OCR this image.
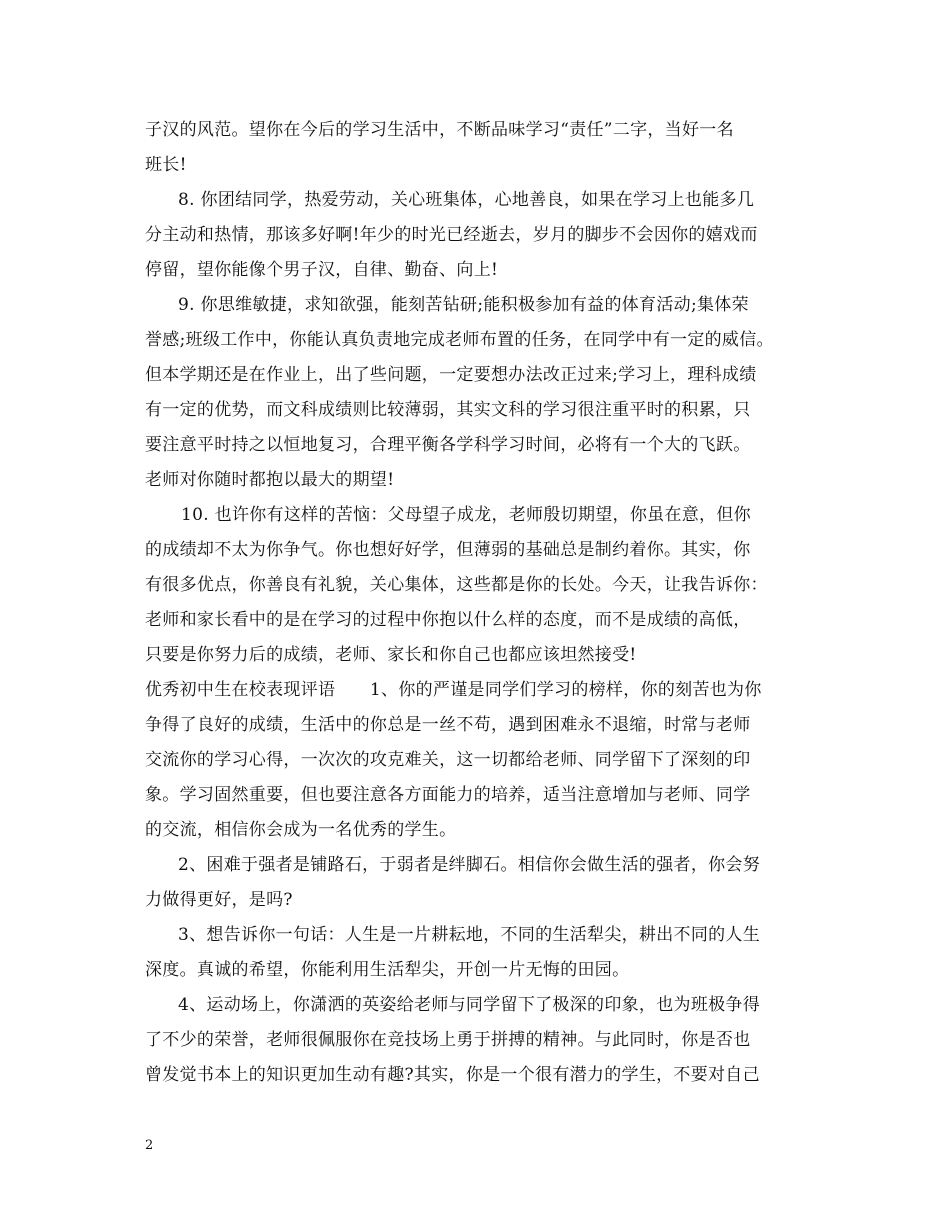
子汉的风范。望你在今后的学习生活中，不断品味学习“责任”二字，当好一名
班长!
8. 你团结同学，热爱劳动，关心班集体，心地善良，如果在学习上也能多几
分主动和热情，那该多好啊!年少的时光已经逝去，岁月的脚步不会因你的嬉戏而
停留，望你能像个男子汉，自律、勤奋、向上!
9. 你思维敏捷，求知欲强，能刻苦钻研;能积极参加有益的体育活动;集体荣
誉感;班级工作中，你能认真负责地完成老师布置的任务，在同学中有一定的威信。
但本学期还是在作业上，出了些问题，一定要想办法改正过来;学习上，理科成绩
有一定的优势，而文科成绩则比较薄弱，其实文科的学习很注重平时的积累，只
要注意平时持之以恒地复习，合理平衡各学科学习时间，必将有一个大的飞跃。
老师对你随时都抱以最大的期望!
10. 也许你有这样的苦恼：父母望子成龙，老师殷切期望，你虽在意，但你
的成绩却不太为你争气。你也想好好学，但薄弱的基础总是制约着你。其实，你
有很多优点，你善良有礼貌，关心集体，这些都是你的长处。今天，让我告诉你：
老师和家长看中的是在学习的过程中你抱以什么样的态度，而不是成绩的高低，
只要是你努力后的成绩，老师、家长和你自己也都应该坦然接受!
优秀初中生在校表现评语　　1、你的严谨是同学们学习的榜样，你的刻苦也为你
争得了良好的成绩，生活中的你总是一丝不苟，遇到困难永不退缩，时常与老师
交流你的学习心得，一次次的攻克难关，这一切都给老师、同学留下了深刻的印
象。学习固然重要，但也要注意各方面能力的培养，适当注意增加与老师、同学
的交流，相信你会成为一名优秀的学生。
2、困难于强者是铺路石，于弱者是绊脚石。相信你会做生活的强者，你会努
力做得更好，是吗?
3、想告诉你一句话：人生是一片耕耘地，不同的生活犁尖，耕出不同的人生
深度。真诚的希望，你能利用生活犁尖，开创一片无悔的田园。
4、运动场上，你潇洒的英姿给老师与同学留下了极深的印象，也为班极争得
了不少的荣誉，老师很佩服你在竞技场上勇于拼搏的精神。与此同时，你是否也
曾发觉书本上的知识更加生动有趣?其实，你是一个很有潜力的学生，不要对自己
2
